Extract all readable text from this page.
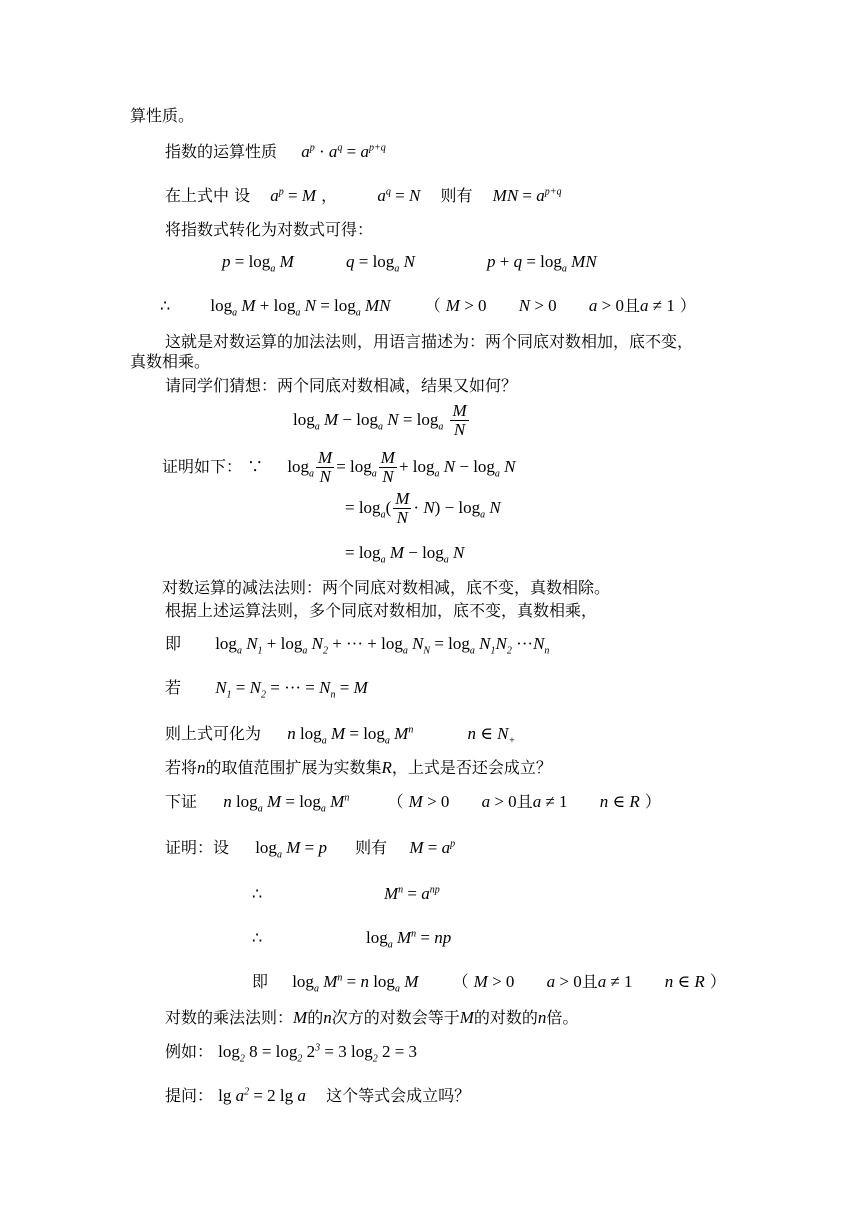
算性质。
指数的运算性质 $a^p \cdot a^q = a^{p+q}$
在上式中 设 $a^p = M$ ， $a^q = N$ 则有 MN = $a^{p+q}$
将指数式转化为对数式可得：
$p = \log_a M$	$q = \log_a N$	$p + q = \log_a$ MN
∴ $\log_a M + \log_a N = \log_a$ MN （ M > 0 N > 0 a > 0且a ≠ 1 ）
这就是对数运算的加法法则，用语言描述为：两个同底对数相加，底不变，
真数相乘。
请同学们猜想：两个同底对数相减，结果又如何？
$\log_a M - \log_a N = \log_a \frac{M}{N}$
证明如下： ∵ $\log_a \frac{M}{N} = \log_a \frac{M}{N} + \log_a N - \log_a N$
= $\log_a( \frac{M}{N} \cdot N) - \log_a N$
= $\log_a M - \log_a N$
对数运算的减法法则：两个同底对数相减，底不变，真数相除。
根据上述运算法则，多个同底对数相加，底不变，真数相乘，
即 $\log_a N_1 + \log_a N_2$ + ··· + $\log_a N_N = \log_a N_1N_2 \cdot\cdot\cdot N_n$
若 $N_1 = N_2$ = ··· = $N_n = M$
则上式可化为 n $\log_a M = \log_a M^n$	n ∈ $N_+$
若将n的取值范围扩展为实数集R，上式是否还会成立？
下证 n $\log_a M = \log_a M^n$ （ M > 0 a > 0且a ≠ 1 n ∈ R ）
证明：设 $\log_a M = p$ 则有 $M = a^p$
∴	$M^n = a^{np}$
∴	$\log_a M^n$ = np
即 $\log_a M^n = n$ $\log_a M$ （ M > 0 a > 0且a ≠ 1 n ∈ R ）
对数的乘法法则：M的n次方的对数会等于M的对数的n倍。
例如： $\log_2 8 = \log_2 2^3 = 3$ $\log_2 2 = 3$
提问： $\lg a^2 = 2$ lg a 这个等式会成立吗？
